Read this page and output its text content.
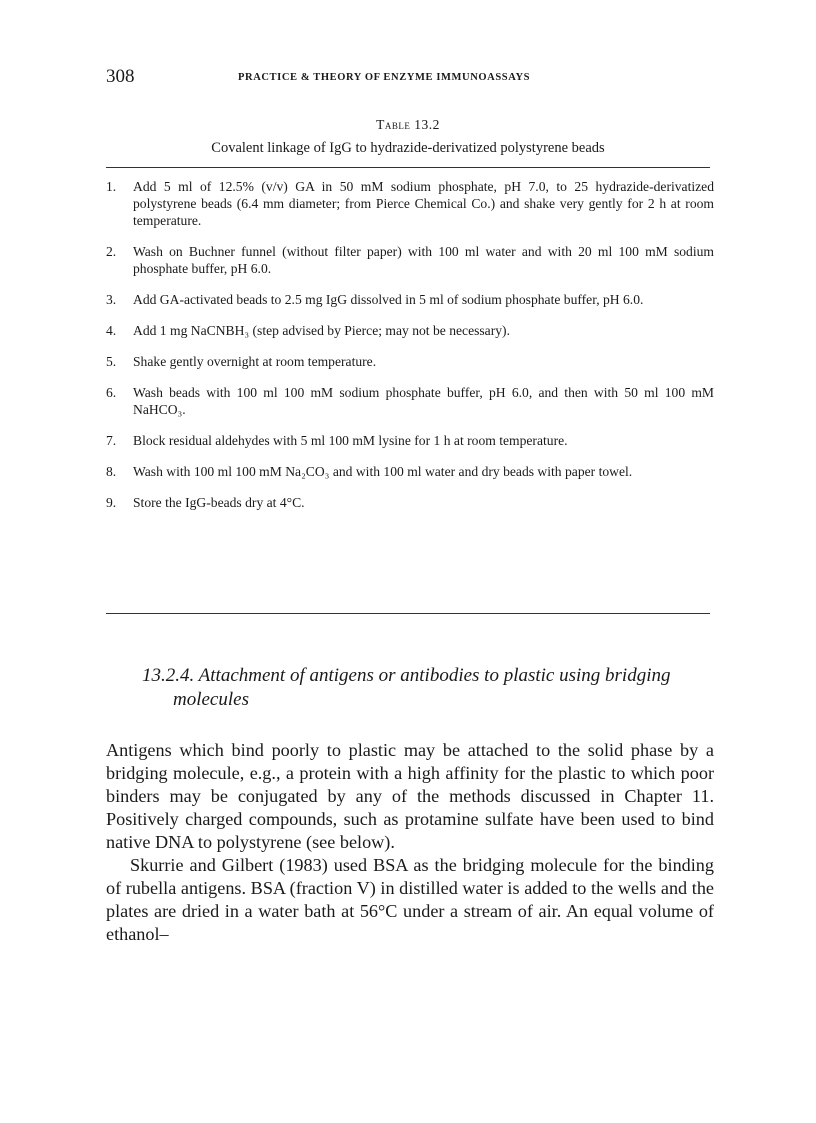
308	PRACTICE & THEORY OF ENZYME IMMUNOASSAYS
Table 13.2
Covalent linkage of IgG to hydrazide-derivatized polystyrene beads
1.	Add 5 ml of 12.5% (v/v) GA in 50 mM sodium phosphate, pH 7.0, to 25 hydrazide-derivatized polystyrene beads (6.4 mm diameter; from Pierce Chemical Co.) and shake very gently for 2 h at room temperature.
2.	Wash on Buchner funnel (without filter paper) with 100 ml water and with 20 ml 100 mM sodium phosphate buffer, pH 6.0.
3.	Add GA-activated beads to 2.5 mg IgG dissolved in 5 ml of sodium phosphate buffer, pH 6.0.
4.	Add 1 mg NaCNBH₃ (step advised by Pierce; may not be necessary).
5.	Shake gently overnight at room temperature.
6.	Wash beads with 100 ml 100 mM sodium phosphate buffer, pH 6.0, and then with 50 ml 100 mM NaHCO₃.
7.	Block residual aldehydes with 5 ml 100 mM lysine for 1 h at room temperature.
8.	Wash with 100 ml 100 mM Na₂CO₃ and with 100 ml water and dry beads with paper towel.
9.	Store the IgG-beads dry at 4°C.
13.2.4. Attachment of antigens or antibodies to plastic using bridging
molecules

Antigens which bind poorly to plastic may be attached to the solid phase by a bridging molecule, e.g., a protein with a high affinity for the plastic to which poor binders may be conjugated by any of the methods discussed in Chapter 11. Positively charged compounds, such as protamine sulfate have been used to bind native DNA to polystyrene (see below).

Skurrie and Gilbert (1983) used BSA as the bridging molecule for the binding of rubella antigens. BSA (fraction V) in distilled water is added to the wells and the plates are dried in a water bath at 56°C under a stream of air. An equal volume of ethanol–
